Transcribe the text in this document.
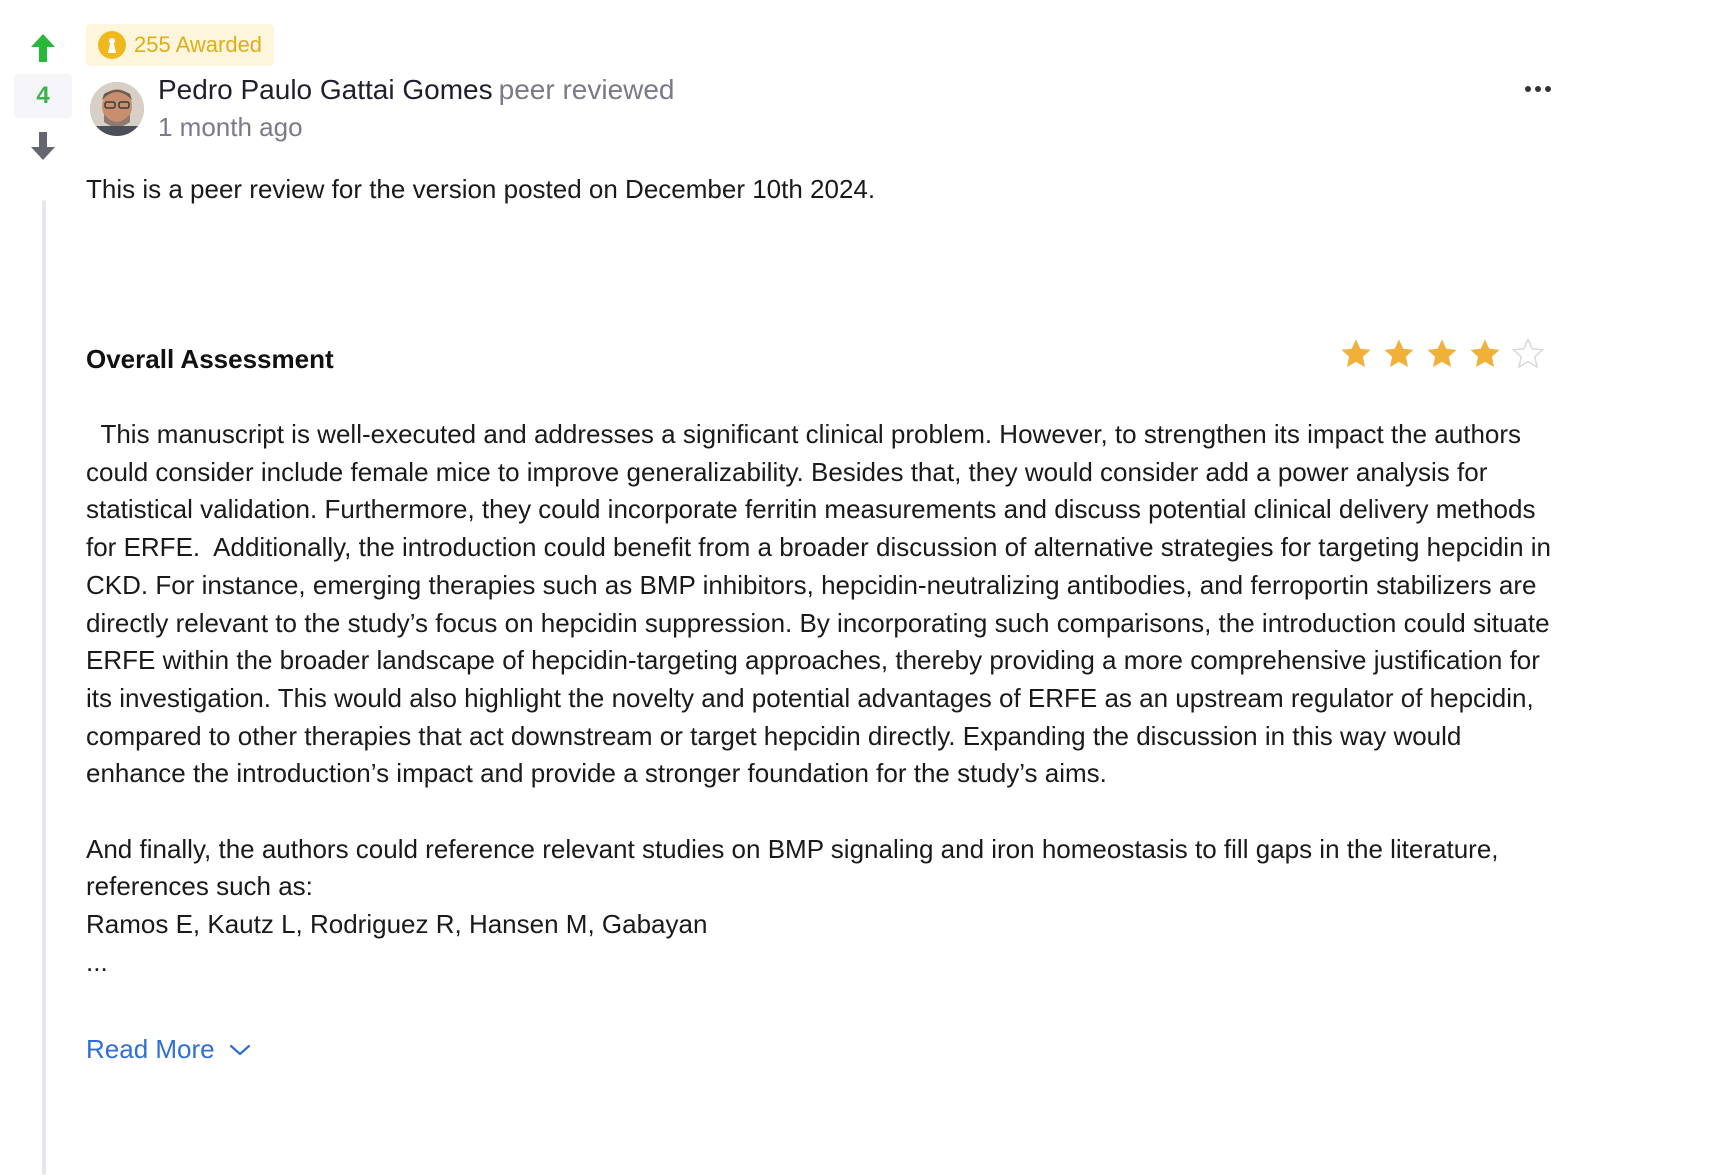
4
255 Awarded
Pedro Paulo Gattai Gomes peer reviewed
1 month ago
This is a peer review for the version posted on December 10th 2024.
Overall Assessment

This manuscript is well-executed and addresses a significant clinical problem. However, to strengthen its impact the authors could consider include female mice to improve generalizability. Besides that, they would consider add a power analysis for statistical validation. Furthermore, they could incorporate ferritin measurements and discuss potential clinical delivery methods for ERFE.  Additionally, the introduction could benefit from a broader discussion of alternative strategies for targeting hepcidin in CKD. For instance, emerging therapies such as BMP inhibitors, hepcidin-neutralizing antibodies, and ferroportin stabilizers are directly relevant to the study’s focus on hepcidin suppression. By incorporating such comparisons, the introduction could situate ERFE within the broader landscape of hepcidin-targeting approaches, thereby providing a more comprehensive justification for its investigation. This would also highlight the novelty and potential advantages of ERFE as an upstream regulator of hepcidin, compared to other therapies that act downstream or target hepcidin directly. Expanding the discussion in this way would enhance the introduction’s impact and provide a stronger foundation for the study’s aims.

And finally, the authors could reference relevant studies on BMP signaling and iron homeostasis to fill gaps in the literature, references such as:

Ramos E, Kautz L, Rodriguez R, Hansen M, Gabayan

...

Read More
